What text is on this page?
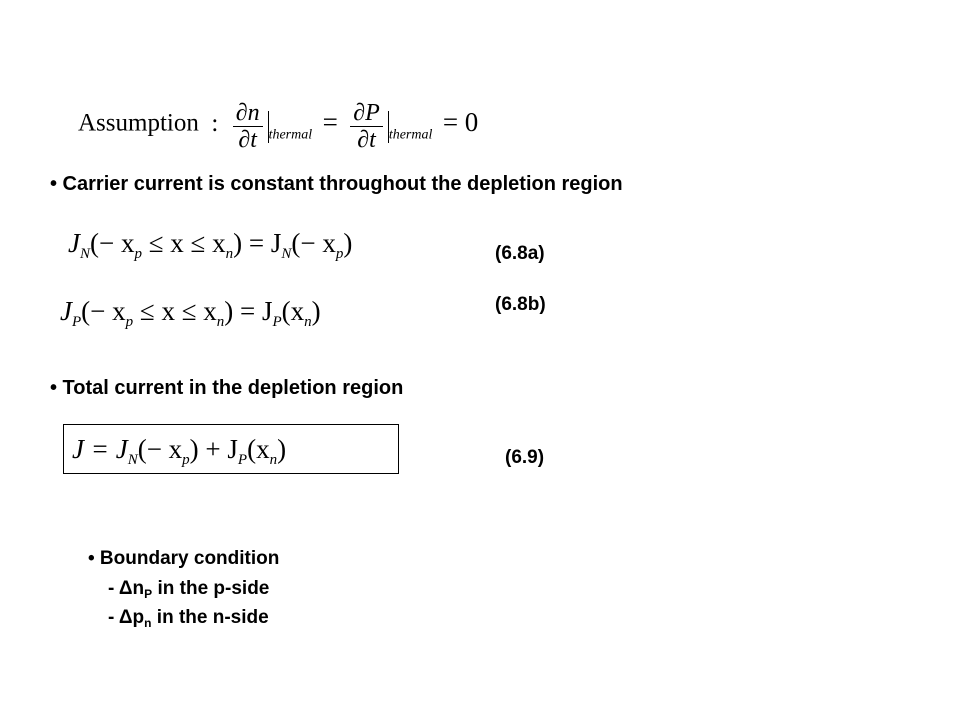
Assumption : $\frac{\partial n}{\partial t}$ thermal = $\frac{\partial P}{\partial t}$ thermal = 0
• Carrier current is constant throughout the depletion region
$J_N(- x_p \le x \le x_n) = J_N(- x_p)$	(6.8a)
$J_P(- x_p \le x \le x_n) = J_P(x_n)$	(6.8b)
• Total current in the depletion region
$J = J_N(- x_p) + J_P(x_n)$	(6.9)
• Boundary condition
- $\Delta n_P$ in the p-side
- $\Delta p_n$ in the n-side
